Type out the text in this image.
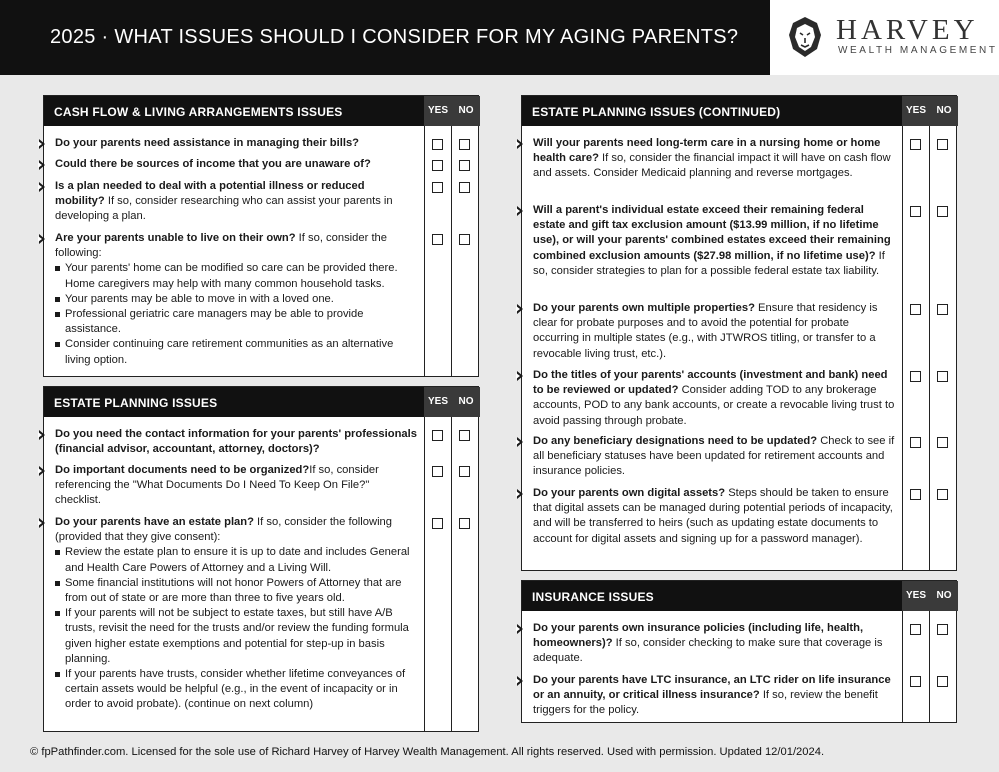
2025 · WHAT ISSUES SHOULD I CONSIDER FOR MY AGING PARENTS?	HARVEY
WEALTH MANAGEMENT
CASH FLOW & LIVING ARRANGEMENTS ISSUES	YES	NO
Do your parents need assistance in managing their bills?
Could there be sources of income that you are unaware of?
Is a plan needed to deal with a potential illness or reduced mobility? If so, consider researching who can assist your parents in developing a plan.
Are your parents unable to live on their own? If so, consider the following:
Your parents' home can be modified so care can be provided there. Home caregivers may help with many common household tasks.
Your parents may be able to move in with a loved one.
Professional geriatric care managers may be able to provide assistance.
Consider continuing care retirement communities as an alternative living option.
ESTATE PLANNING ISSUES	YES	NO
Do you need the contact information for your parents' professionals (financial advisor, accountant, attorney, doctors)?
Do important documents need to be organized?If so, consider referencing the "What Documents Do I Need To Keep On File?" checklist.
Do your parents have an estate plan? If so, consider the following (provided that they give consent):
Review the estate plan to ensure it is up to date and includes General and Health Care Powers of Attorney and a Living Will.
Some financial institutions will not honor Powers of Attorney that are from out of state or are more than three to five years old.
If your parents will not be subject to estate taxes, but still have A/B trusts, revisit the need for the trusts and/or review the funding formula given higher estate exemptions and potential for step-up in basis planning.
If your parents have trusts, consider whether lifetime conveyances of certain assets would be helpful (e.g., in the event of incapacity or in order to avoid probate). (continue on next column)
ESTATE PLANNING ISSUES (CONTINUED)	YES	NO
Will your parents need long-term care in a nursing home or home health care? If so, consider the financial impact it will have on cash flow and assets. Consider Medicaid planning and reverse mortgages.
Will a parent's individual estate exceed their remaining federal estate and gift tax exclusion amount ($13.99 million, if no lifetime use), or will your parents' combined estates exceed their remaining combined exclusion amounts ($27.98 million, if no lifetime use)? If so, consider strategies to plan for a possible federal estate tax liability.
Do your parents own multiple properties? Ensure that residency is clear for probate purposes and to avoid the potential for probate occurring in multiple states (e.g., with JTWROS titling, or transfer to a revocable living trust, etc.).
Do the titles of your parents' accounts (investment and bank) need to be reviewed or updated? Consider adding TOD to any brokerage accounts, POD to any bank accounts, or create a revocable living trust to avoid passing through probate.
Do any beneficiary designations need to be updated? Check to see if all beneficiary statuses have been updated for retirement accounts and insurance policies.
Do your parents own digital assets? Steps should be taken to ensure that digital assets can be managed during potential periods of incapacity, and will be transferred to heirs (such as updating estate documents to account for digital assets and signing up for a password manager).
INSURANCE ISSUES	YES	NO
Do your parents own insurance policies (including life, health, homeowners)? If so, consider checking to make sure that coverage is adequate.
Do your parents have LTC insurance, an LTC rider on life insurance or an annuity, or critical illness insurance? If so, review the benefit triggers for the policy.
© fpPathfinder.com. Licensed for the sole use of Richard Harvey of Harvey Wealth Management. All rights reserved. Used with permission. Updated 12/01/2024.
